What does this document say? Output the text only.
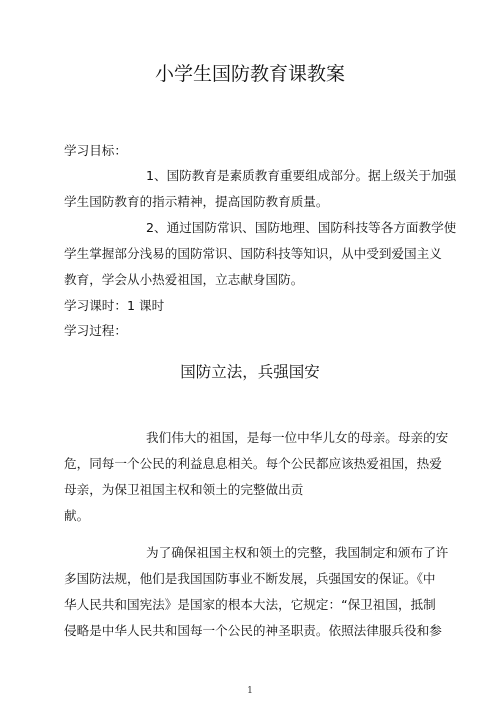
小学生国防教育课教案
学习目标：
1、国防教育是素质教育重要组成部分。据上级关于加强
学生国防教育的指示精神，提高国防教育质量。
2、通过国防常识、国防地理、国防科技等各方面教学使
学生掌握部分浅易的国防常识、国防科技等知识，从中受到爱国主义
教育，学会从小热爱祖国，立志献身国防。
学习课时：1 课时
学习过程：
国防立法，兵强国安
我们伟大的祖国，是每一位中华儿女的母亲。母亲的安
危，同每一个公民的利益息息相关。每个公民都应该热爱祖国，热爱
母亲，为保卫祖国主权和领土的完整做出贡
献。
为了确保祖国主权和领土的完整，我国制定和颁布了许
多国防法规，他们是我国国防事业不断发展，兵强国安的保证。《中
华人民共和国宪法》是国家的根本大法，它规定：“保卫祖国，抵制
侵略是中华人民共和国每一个公民的神圣职责。依照法律服兵役和参
1
